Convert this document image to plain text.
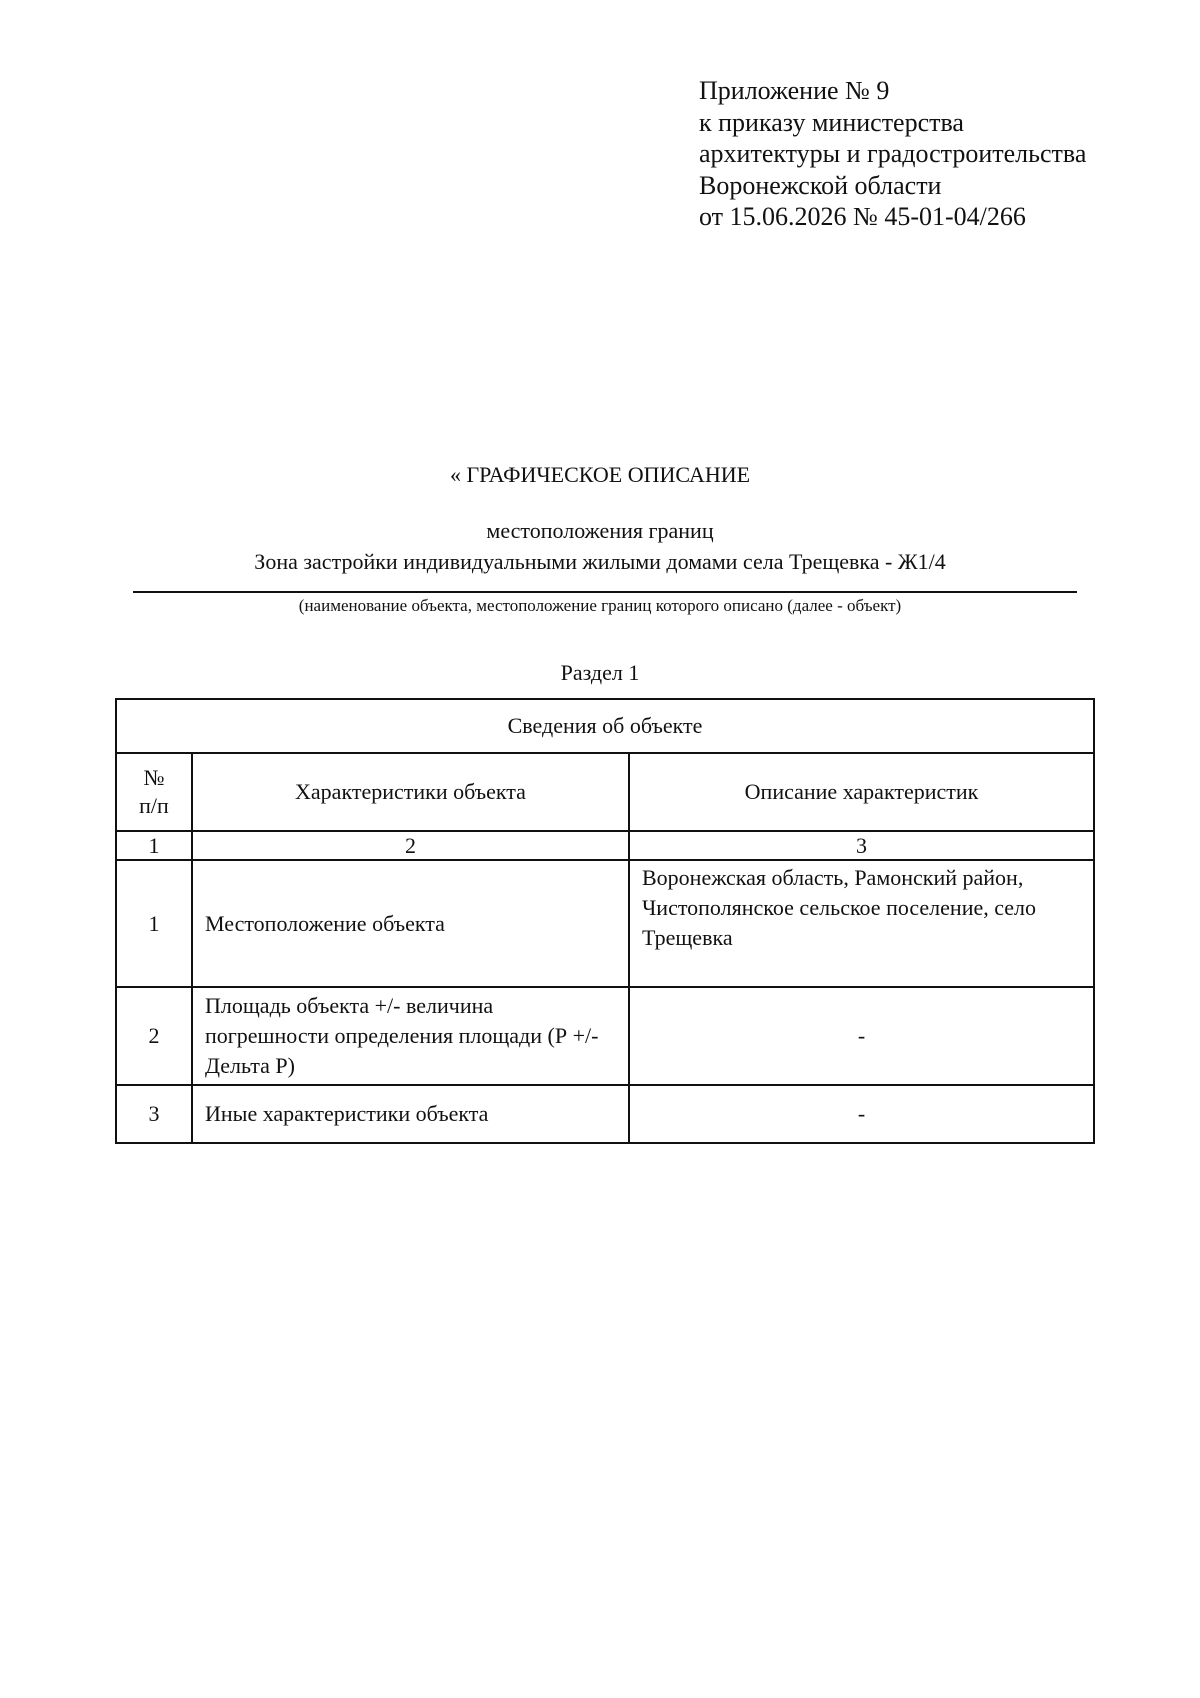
Приложение № 9
к приказу министерства
архитектуры и градостроительства
Воронежской области
от 15.06.2026 № 45-01-04/266
« ГРАФИЧЕСКОЕ ОПИСАНИЕ
местоположения границ
Зона застройки индивидуальными жилыми домами села Трещевка - Ж1/4
(наименование объекта, местоположение границ которого описано (далее - объект)
Раздел 1
Сведения об объекте		

№
п/п	Характеристики объекта	Описание характеристик
1	2	3
1	Местоположение объекта	Воронежская область, Рамонский район, Чистополянское сельское поселение, село Трещевка
2	Площадь объекта +/- величина погрешности определения площади (Р +/- Дельта Р)	-
3	Иные характеристики объекта	-
